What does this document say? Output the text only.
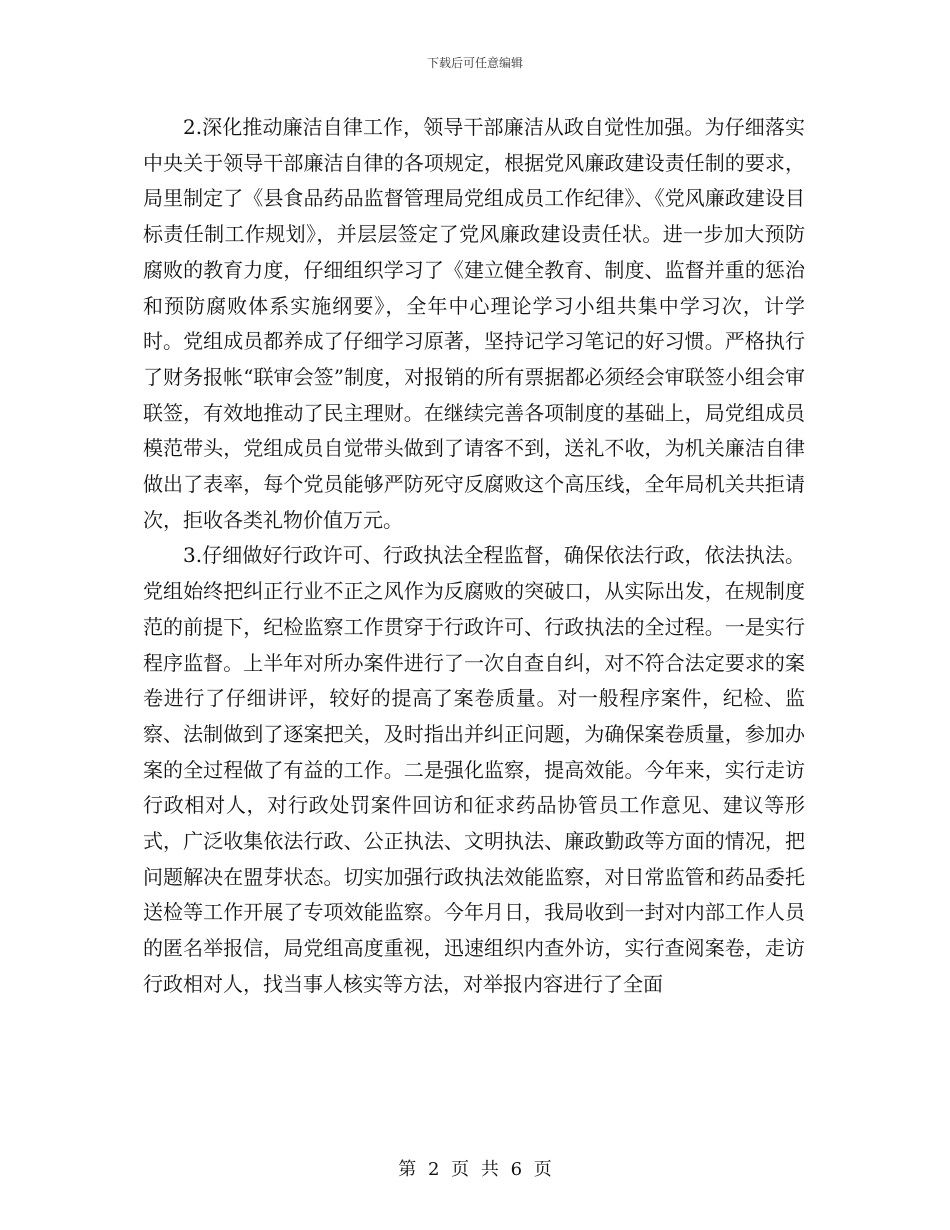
下载后可任意编辑

2.深化推动廉洁自律工作，领导干部廉洁从政自觉性加强。为仔细落实中央关于领导干部廉洁自律的各项规定，根据党风廉政建设责任制的要求，局里制定了《县食品药品监督管理局党组成员工作纪律》、《党风廉政建设目标责任制工作规划》，并层层签定了党风廉政建设责任状。进一步加大预防腐败的教育力度，仔细组织学习了《建立健全教育、制度、监督并重的惩治和预防腐败体系实施纲要》，全年中心理论学习小组共集中学习次，计学时。党组成员都养成了仔细学习原著，坚持记学习笔记的好习惯。严格执行了财务报帐“联审会签”制度，对报销的所有票据都必须经会审联签小组会审联签，有效地推动了民主理财。在继续完善各项制度的基础上，局党组成员模范带头，党组成员自觉带头做到了请客不到，送礼不收，为机关廉洁自律做出了表率，每个党员能够严防死守反腐败这个高压线，全年局机关共拒请次，拒收各类礼物价值万元。

3.仔细做好行政许可、行政执法全程监督，确保依法行政，依法执法。党组始终把纠正行业不正之风作为反腐败的突破口，从实际出发，在规制度范的前提下，纪检监察工作贯穿于行政许可、行政执法的全过程。一是实行程序监督。上半年对所办案件进行了一次自查自纠，对不符合法定要求的案卷进行了仔细讲评，较好的提高了案卷质量。对一般程序案件，纪检、监察、法制做到了逐案把关，及时指出并纠正问题，为确保案卷质量，参加办案的全过程做了有益的工作。二是强化监察，提高效能。今年来，实行走访行政相对人，对行政处罚案件回访和征求药品协管员工作意见、建议等形式，广泛收集依法行政、公正执法、文明执法、廉政勤政等方面的情况，把问题解决在盟芽状态。切实加强行政执法效能监察，对日常监管和药品委托送检等工作开展了专项效能监察。今年月日，我局收到一封对内部工作人员的匿名举报信，局党组高度重视，迅速组织内查外访，实行查阅案卷，走访行政相对人，找当事人核实等方法，对举报内容进行了全面

第 2 页 共 6 页
